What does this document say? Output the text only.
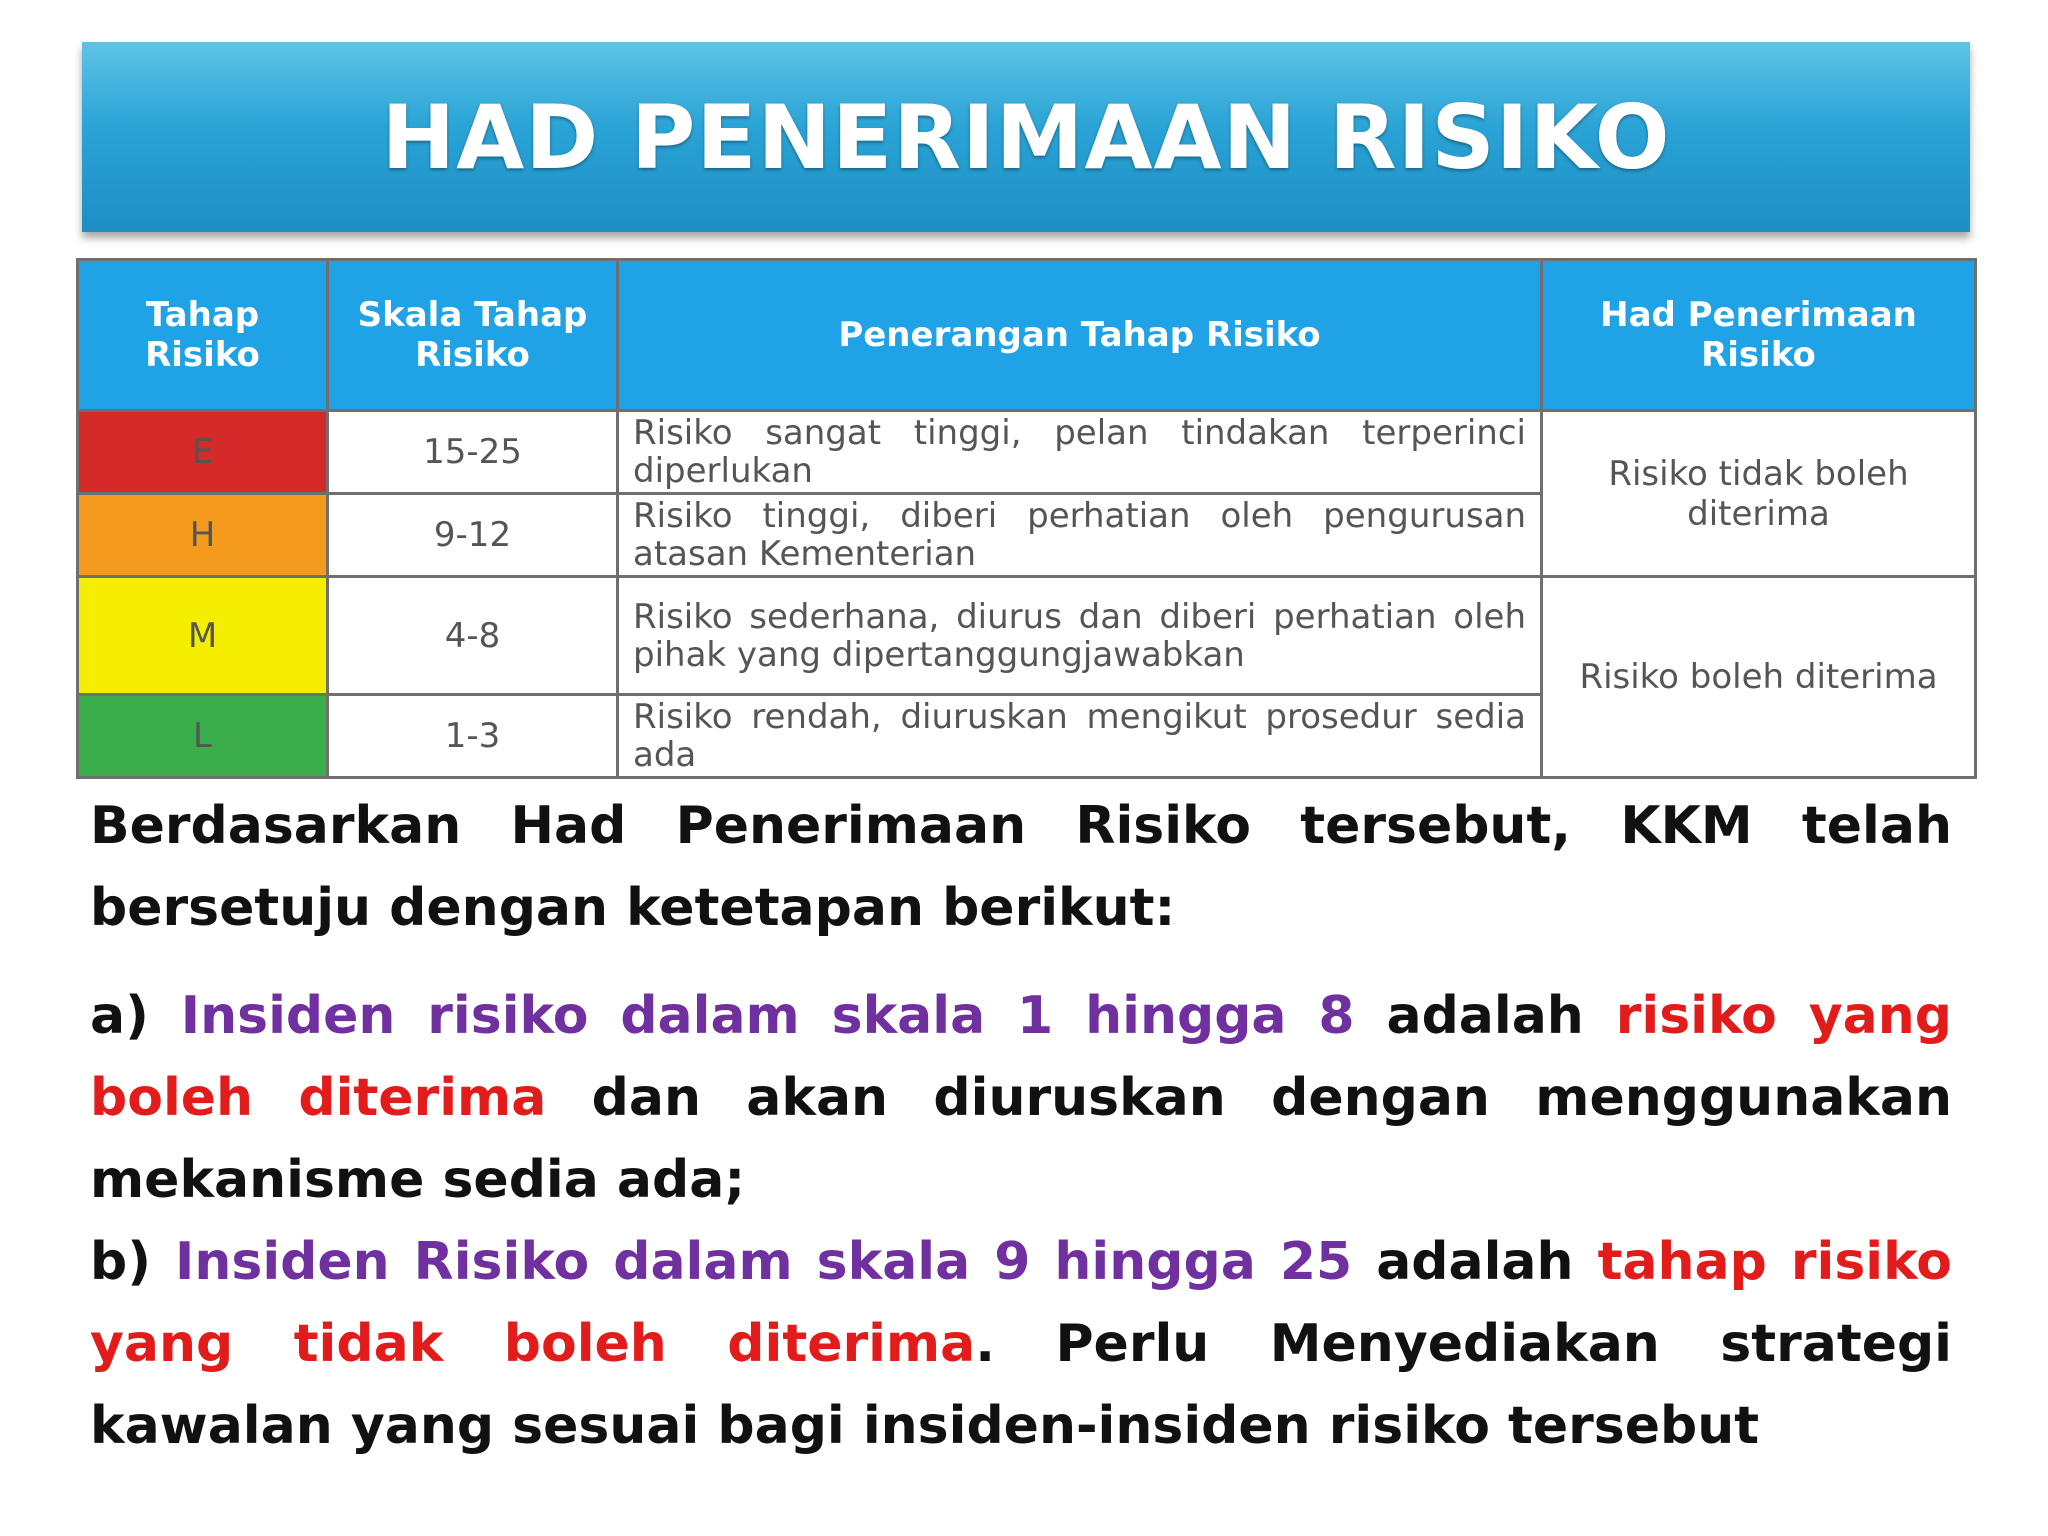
HAD PENERIMAAN RISIKO
Tahap Risiko	Skala Tahap Risiko	Penerangan Tahap Risiko	Had Penerimaan Risiko
E	15-25	Risiko sangat tinggi, pelan tindakan terperinci diperlukan	Risiko tidak boleh diterima
H	9-12	Risiko tinggi, diberi perhatian oleh pengurusan atasan Kementerian	
M	4-8	Risiko sederhana, diurus dan diberi perhatian oleh pihak yang dipertanggungjawabkan	Risiko boleh diterima
L	1-3	Risiko rendah, diuruskan mengikut prosedur sedia ada	

Berdasarkan Had Penerimaan Risiko tersebut, KKM telah bersetuju dengan ketetapan berikut:

a) Insiden risiko dalam skala 1 hingga 8 adalah risiko yang boleh diterima dan akan diuruskan dengan menggunakan mekanisme sedia ada;
b) Insiden Risiko dalam skala 9 hingga 25 adalah tahap risiko yang tidak boleh diterima. Perlu Menyediakan strategi kawalan yang sesuai bagi insiden-insiden risiko tersebut
